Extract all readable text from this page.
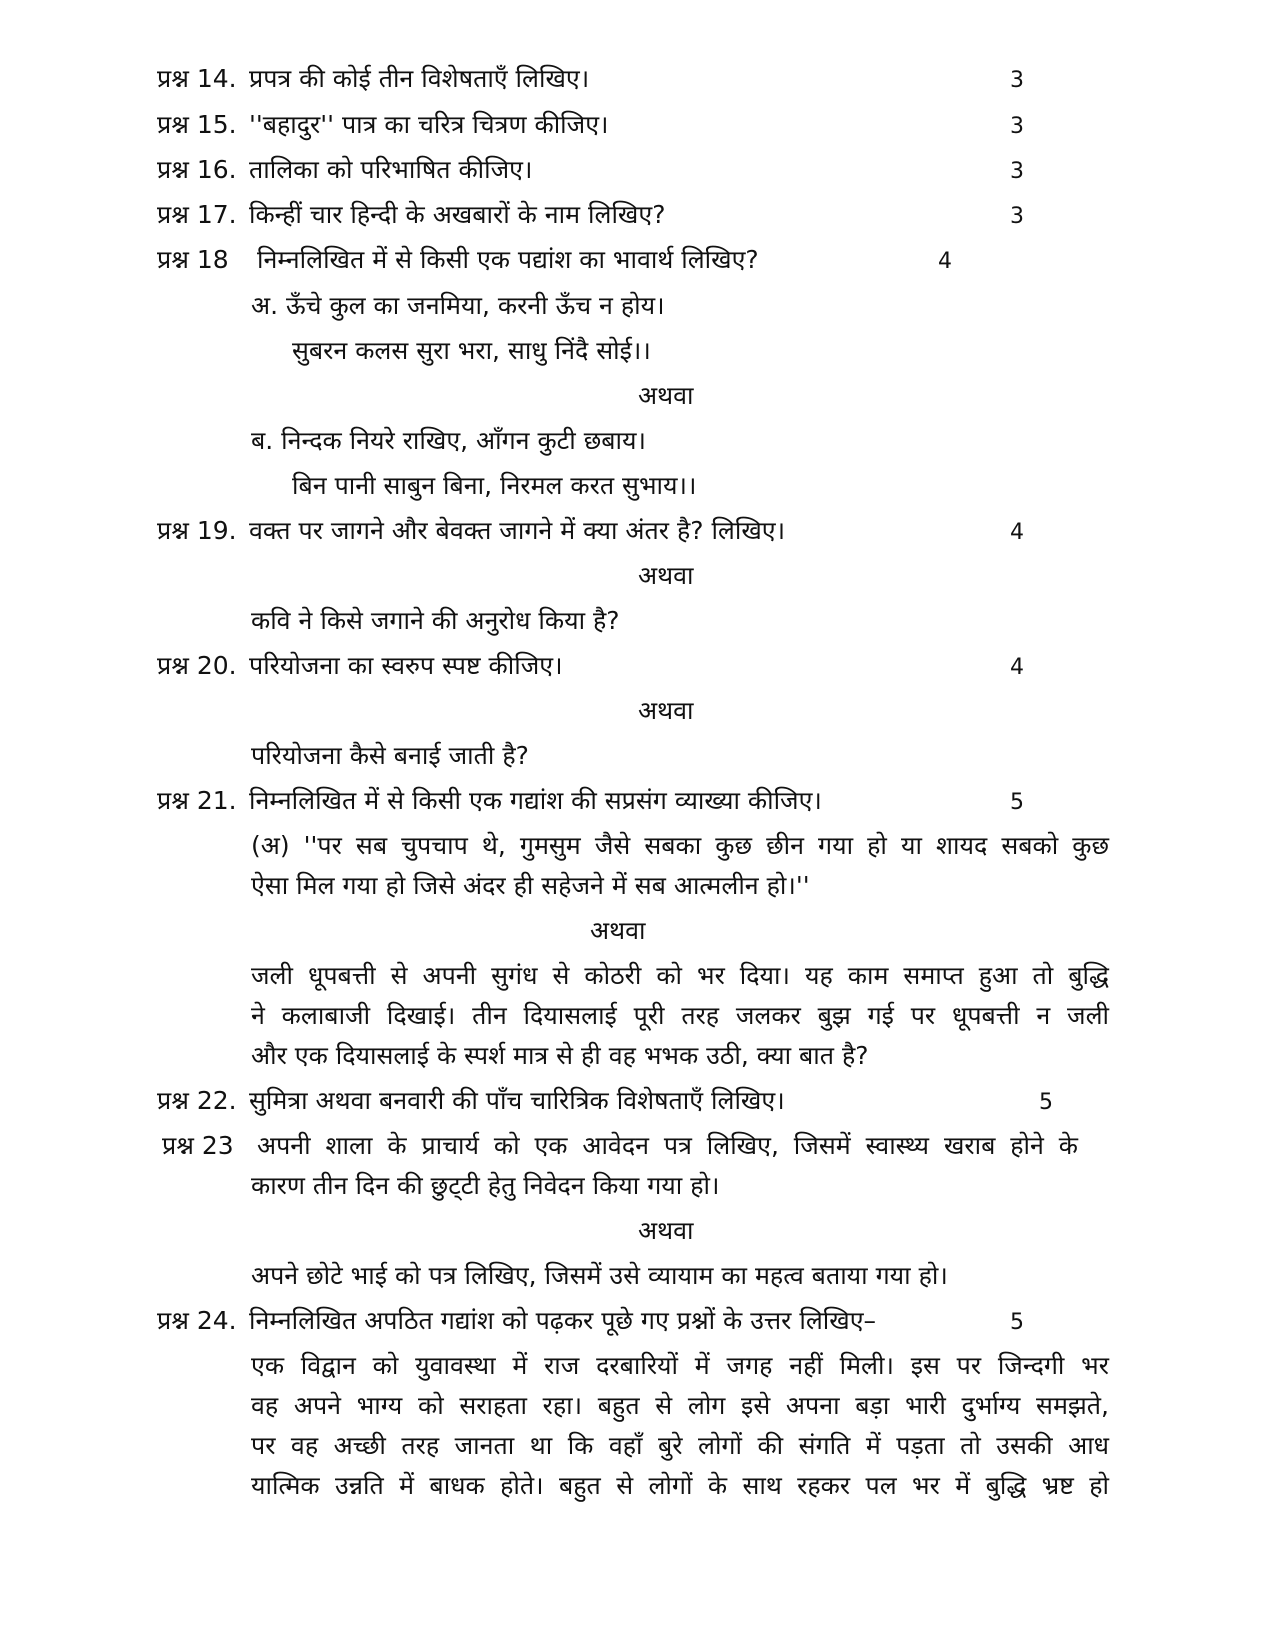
प्रश्न 14. प्रपत्र की कोई तीन विशेषताएँ लिखिए।	3
प्रश्न 15. ''बहादुर'' पात्र का चरित्र चित्रण कीजिए।	3
प्रश्न 16. तालिका को परिभाषित कीजिए।	3
प्रश्न 17. किन्हीं चार हिन्दी के अखबारों के नाम लिखिए?	3
प्रश्न 18 निम्नलिखित में से किसी एक पद्यांश का भावार्थ लिखिए?	4
अ. ऊँचे कुल का जनमिया, करनी ऊँच न होय।
सुबरन कलस सुरा भरा, साधु निंदै सोई।।
अथवा
ब. निन्दक नियरे राखिए, आँगन कुटी छबाय।
बिन पानी साबुन बिना, निरमल करत सुभाय।।
प्रश्न 19. वक्त पर जागने और बेवक्त जागने में क्या अंतर है? लिखिए।	4
अथवा
कवि ने किसे जगाने की अनुरोध किया है?
प्रश्न 20. परियोजना का स्वरुप स्पष्ट कीजिए।	4
अथवा
परियोजना कैसे बनाई जाती है?
प्रश्न 21. निम्नलिखित में से किसी एक गद्यांश की सप्रसंग व्याख्या कीजिए।	5
(अ) ''पर सब चुपचाप थे, गुमसुम जैसे सबका कुछ छीन गया हो या शायद सबको कुछ
ऐसा मिल गया हो जिसे अंदर ही सहेजने में सब आत्मलीन हो।''
अथवा
जली धूपबत्ती से अपनी सुगंध से कोठरी को भर दिया। यह काम समाप्त हुआ तो बुद्धि
ने कलाबाजी दिखाई। तीन दियासलाई पूरी तरह जलकर बुझ गई पर धूपबत्ती न जली
और एक दियासलाई के स्पर्श मात्र से ही वह भभक उठी, क्या बात है?
प्रश्न 22. सुमित्रा अथवा बनवारी की पाँच चारित्रिक विशेषताएँ लिखिए।	5
प्रश्न 23 अपनी शाला के प्राचार्य को एक आवेदन पत्र लिखिए, जिसमें स्वास्थ्य खराब होने के
कारण तीन दिन की छुट्‌टी हेतु निवेदन किया गया हो।
अथवा
अपने छोटे भाई को पत्र लिखिए, जिसमें उसे व्यायाम का महत्व बताया गया हो।
प्रश्न 24. निम्नलिखित अपठित गद्यांश को पढ़कर पूछे गए प्रश्नों के उत्तर लिखिए–	5
एक विद्वान को युवावस्था में राज दरबारियों में जगह नहीं मिली। इस पर जिन्दगी भर
वह अपने भाग्य को सराहता रहा। बहुत से लोग इसे अपना बड़ा भारी दुर्भाग्य समझते,
पर वह अच्छी तरह जानता था कि वहाँ बुरे लोगों की संगति में पड़ता तो उसकी आध
यात्मिक उन्नति में बाधक होते। बहुत से लोगों के साथ रहकर पल भर में बुद्धि भ्रष्ट हो
